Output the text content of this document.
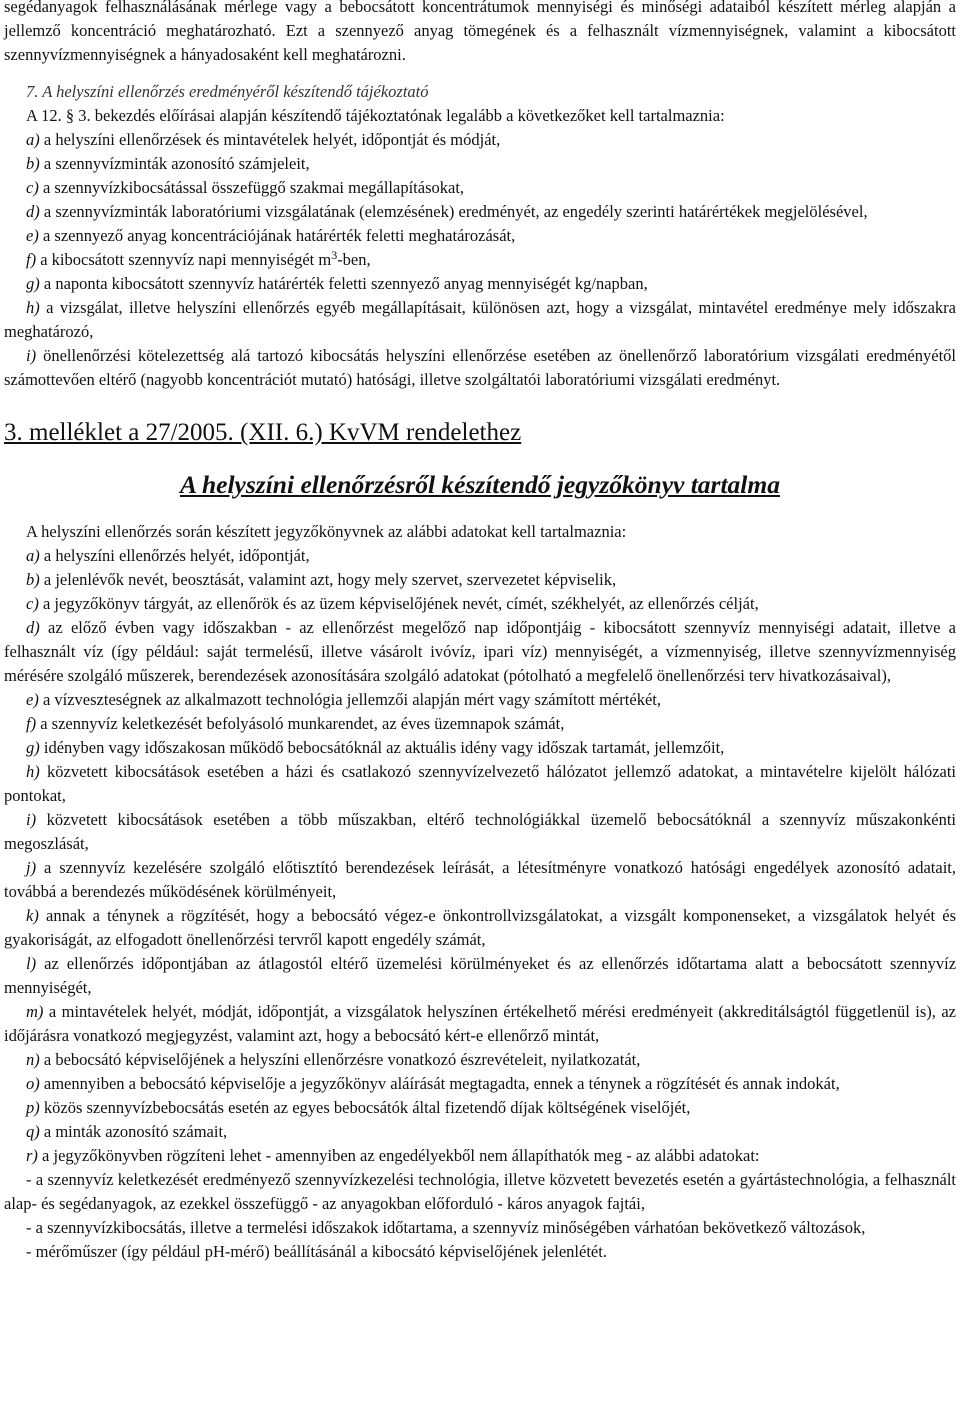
segédanyagok felhasználásának mérlege vagy a bebocsátott koncentrátumok mennyiségi és minőségi adataiból készített mérleg alapján a jellemző koncentráció meghatározható. Ezt a szennyező anyag tömegének és a felhasznált vízmennyiségnek, valamint a kibocsátott szennyvízmennyiségnek a hányadosaként kell meghatározni.

7. A helyszíni ellenőrzés eredményéről készítendő tájékoztató

A 12. § 3. bekezdés előírásai alapján készítendő tájékoztatónak legalább a következőket kell tartalmaznia:

a) a helyszíni ellenőrzések és mintavételek helyét, időpontját és módját,

b) a szennyvízminták azonosító számjeleit,

c) a szennyvízkibocsátással összefüggő szakmai megállapításokat,

d) a szennyvízminták laboratóriumi vizsgálatának (elemzésének) eredményét, az engedély szerinti határértékek megjelölésével,

e) a szennyező anyag koncentrációjának határérték feletti meghatározását,

f) a kibocsátott szennyvíz napi mennyiségét $m^3$-ben,

g) a naponta kibocsátott szennyvíz határérték feletti szennyező anyag mennyiségét kg/napban,

h) a vizsgálat, illetve helyszíni ellenőrzés egyéb megállapításait, különösen azt, hogy a vizsgálat, mintavétel eredménye mely időszakra meghatározó,

i) önellenőrzési kötelezettség alá tartozó kibocsátás helyszíni ellenőrzése esetében az önellenőrző laboratórium vizsgálati eredményétől számottevően eltérő (nagyobb koncentrációt mutató) hatósági, illetve szolgáltatói laboratóriumi vizsgálati eredményt.

3. melléklet a 27/2005. (XII. 6.) KvVM rendelethez
A helyszíni ellenőrzésről készítendő jegyzőkönyv tartalma

A helyszíni ellenőrzés során készített jegyzőkönyvnek az alábbi adatokat kell tartalmaznia:

a) a helyszíni ellenőrzés helyét, időpontját,

b) a jelenlévők nevét, beosztását, valamint azt, hogy mely szervet, szervezetet képviselik,

c) a jegyzőkönyv tárgyát, az ellenőrök és az üzem képviselőjének nevét, címét, székhelyét, az ellenőrzés célját,

d) az előző évben vagy időszakban - az ellenőrzést megelőző nap időpontjáig - kibocsátott szennyvíz mennyiségi adatait, illetve a felhasznált víz (így például: saját termelésű, illetve vásárolt ivóvíz, ipari víz) mennyiségét, a vízmennyiség, illetve szennyvízmennyiség mérésére szolgáló műszerek, berendezések azonosítására szolgáló adatokat (pótolható a megfelelő önellenőrzési terv hivatkozásaival),

e) a vízveszteségnek az alkalmazott technológia jellemzői alapján mért vagy számított mértékét,

f) a szennyvíz keletkezését befolyásoló munkarendet, az éves üzemnapok számát,

g) idényben vagy időszakosan működő bebocsátóknál az aktuális idény vagy időszak tartamát, jellemzőit,

h) közvetett kibocsátások esetében a házi és csatlakozó szennyvízelvezető hálózatot jellemző adatokat, a mintavételre kijelölt hálózati pontokat,

i) közvetett kibocsátások esetében a több műszakban, eltérő technológiákkal üzemelő bebocsátóknál a szennyvíz műszakonkénti megoszlását,

j) a szennyvíz kezelésére szolgáló előtisztító berendezések leírását, a létesítményre vonatkozó hatósági engedélyek azonosító adatait, továbbá a berendezés működésének körülményeit,

k) annak a ténynek a rögzítését, hogy a bebocsátó végez-e önkontrollvizsgálatokat, a vizsgált komponenseket, a vizsgálatok helyét és gyakoriságát, az elfogadott önellenőrzési tervről kapott engedély számát,

l) az ellenőrzés időpontjában az átlagostól eltérő üzemelési körülményeket és az ellenőrzés időtartama alatt a bebocsátott szennyvíz mennyiségét,

m) a mintavételek helyét, módját, időpontját, a vizsgálatok helyszínen értékelhető mérési eredményeit (akkreditálságtól függetlenül is), az időjárásra vonatkozó megjegyzést, valamint azt, hogy a bebocsátó kért-e ellenőrző mintát,

n) a bebocsátó képviselőjének a helyszíni ellenőrzésre vonatkozó észrevételeit, nyilatkozatát,

o) amennyiben a bebocsátó képviselője a jegyzőkönyv aláírását megtagadta, ennek a ténynek a rögzítését és annak indokát,

p) közös szennyvízbebocsátás esetén az egyes bebocsátók által fizetendő díjak költségének viselőjét,

q) a minták azonosító számait,

r) a jegyzőkönyvben rögzíteni lehet - amennyiben az engedélyekből nem állapíthatók meg - az alábbi adatokat:

- a szennyvíz keletkezését eredményező szennyvízkezelési technológia, illetve közvetett bevezetés esetén a gyártástechnológia, a felhasznált alap- és segédanyagok, az ezekkel összefüggő - az anyagokban előforduló - káros anyagok fajtái,

- a szennyvízkibocsátás, illetve a termelési időszakok időtartama, a szennyvíz minőségében várhatóan bekövetkező változások,

- mérőműszer (így például pH-mérő) beállításánál a kibocsátó képviselőjének jelenlétét.
